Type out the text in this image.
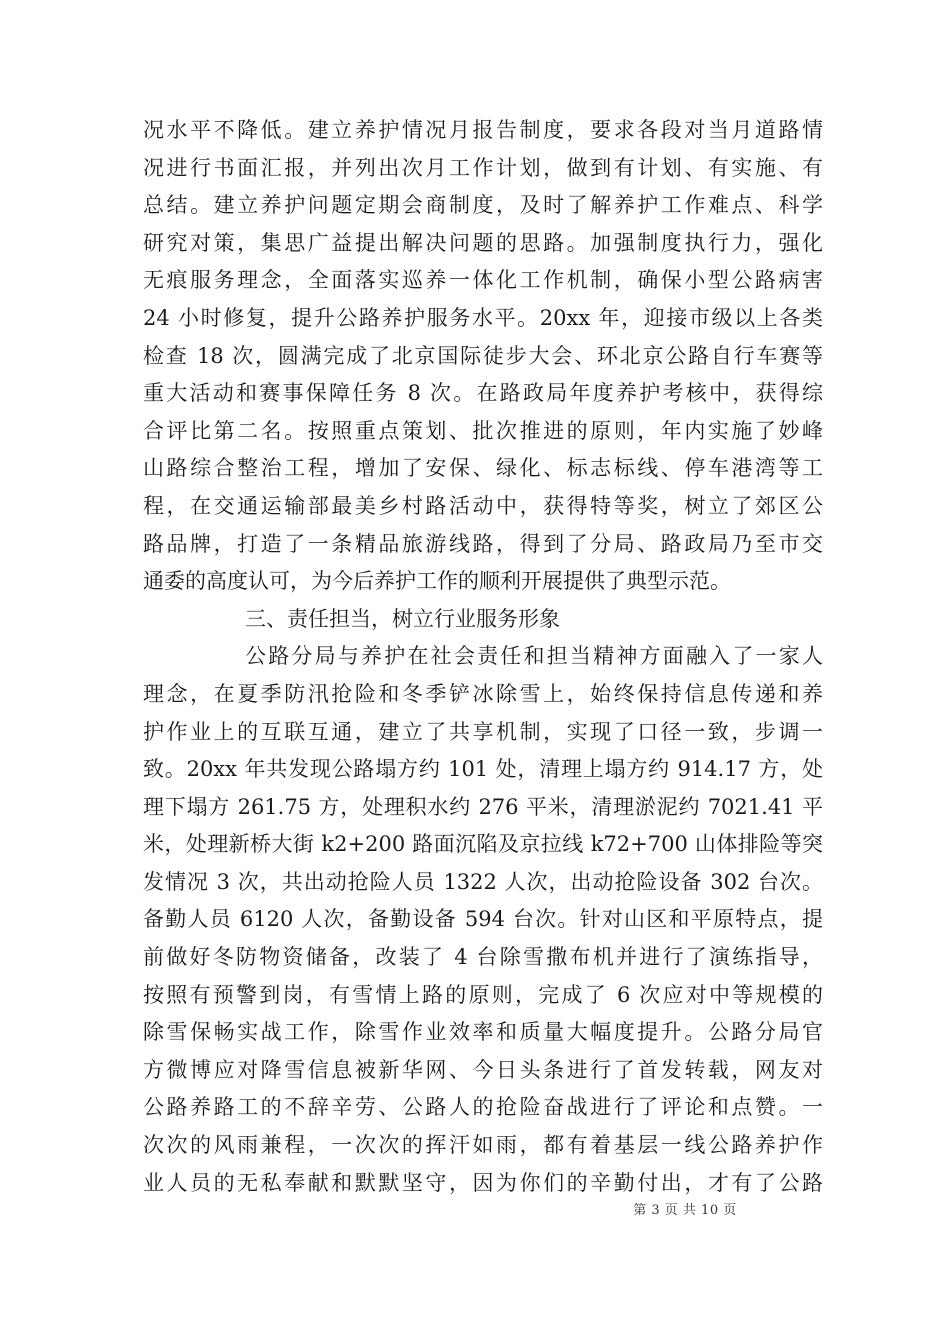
况水平不降低。建立养护情况月报告制度，要求各段对当月道路情
况进行书面汇报，并列出次月工作计划，做到有计划、有实施、有
总结。建立养护问题定期会商制度，及时了解养护工作难点、科学
研究对策，集思广益提出解决问题的思路。加强制度执行力，强化
无痕服务理念，全面落实巡养一体化工作机制，确保小型公路病害
24 小时修复，提升公路养护服务水平。20xx 年，迎接市级以上各类
检查 18 次，圆满完成了北京国际徒步大会、环北京公路自行车赛等
重大活动和赛事保障任务 8 次。在路政局年度养护考核中，获得综
合评比第二名。按照重点策划、批次推进的原则，年内实施了妙峰
山路综合整治工程，增加了安保、绿化、标志标线、停车港湾等工
程，在交通运输部最美乡村路活动中，获得特等奖，树立了郊区公
路品牌，打造了一条精品旅游线路，得到了分局、路政局乃至市交
通委的高度认可，为今后养护工作的顺利开展提供了典型示范。
三、责任担当，树立行业服务形象
公路分局与养护在社会责任和担当精神方面融入了一家人
理念，在夏季防汛抢险和冬季铲冰除雪上，始终保持信息传递和养
护作业上的互联互通，建立了共享机制，实现了口径一致，步调一
致。20xx 年共发现公路塌方约 101 处，清理上塌方约 914.17 方，处
理下塌方 261.75 方，处理积水约 276 平米，清理淤泥约 7021.41 平
米，处理新桥大街 k2+200 路面沉陷及京拉线 k72+700 山体排险等突
发情况 3 次，共出动抢险人员 1322 人次，出动抢险设备 302 台次。
备勤人员 6120 人次，备勤设备 594 台次。针对山区和平原特点，提
前做好冬防物资储备，改装了 4 台除雪撒布机并进行了演练指导，
按照有预警到岗，有雪情上路的原则，完成了 6 次应对中等规模的
除雪保畅实战工作，除雪作业效率和质量大幅度提升。公路分局官
方微博应对降雪信息被新华网、今日头条进行了首发转载，网友对
公路养路工的不辞辛劳、公路人的抢险奋战进行了评论和点赞。一
次次的风雨兼程，一次次的挥汗如雨，都有着基层一线公路养护作
业人员的无私奉献和默默坚守，因为你们的辛勤付出，才有了公路
第 3 页 共 10 页
